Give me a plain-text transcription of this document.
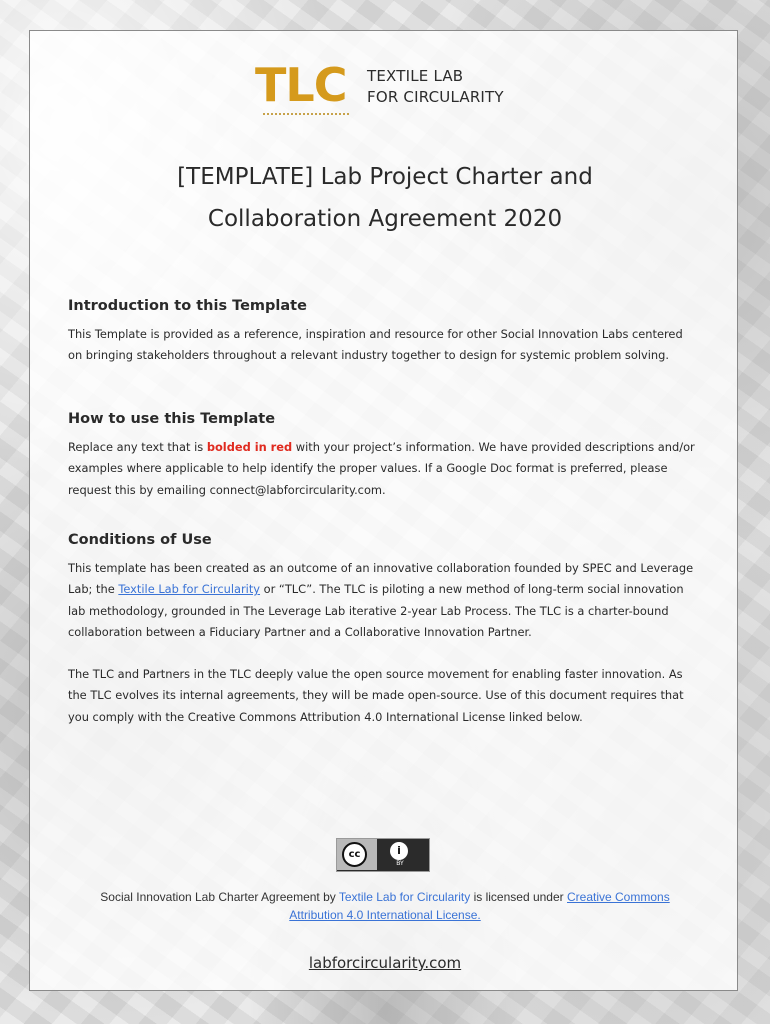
TLC TEXTILE LAB
FOR CIRCULARITY
[TEMPLATE] Lab Project Charter and
Collaboration Agreement 2020
Introduction to this Template

This Template is provided as a reference, inspiration and resource for other Social Innovation Labs centered on bringing stakeholders throughout a relevant industry together to design for systemic problem solving.

How to use this Template

Replace any text that is bolded in red with your project’s information. We have provided descriptions and/or examples where applicable to help identify the proper values. If a Google Doc format is preferred, please request this by emailing connect@labforcircularity.com.

Conditions of Use

This template has been created as an outcome of an innovative collaboration founded by SPEC and Leverage Lab; the Textile Lab for Circularity or “TLC”. The TLC is piloting a new method of long-term social innovation lab methodology, grounded in The Leverage Lab iterative 2-year Lab Process. The TLC is a charter-bound collaboration between a Fiduciary Partner and a Collaborative Innovation Partner.

The TLC and Partners in the TLC deeply value the open source movement for enabling faster innovation. As the TLC evolves its internal agreements, they will be made open-source. Use of this document requires that you comply with the Creative Commons Attribution 4.0 International License linked below.

cc	i
BY
Social Innovation Lab Charter Agreement by Textile Lab for Circularity is licensed under Creative Commons Attribution 4.0 International License.
labforcircularity.com
